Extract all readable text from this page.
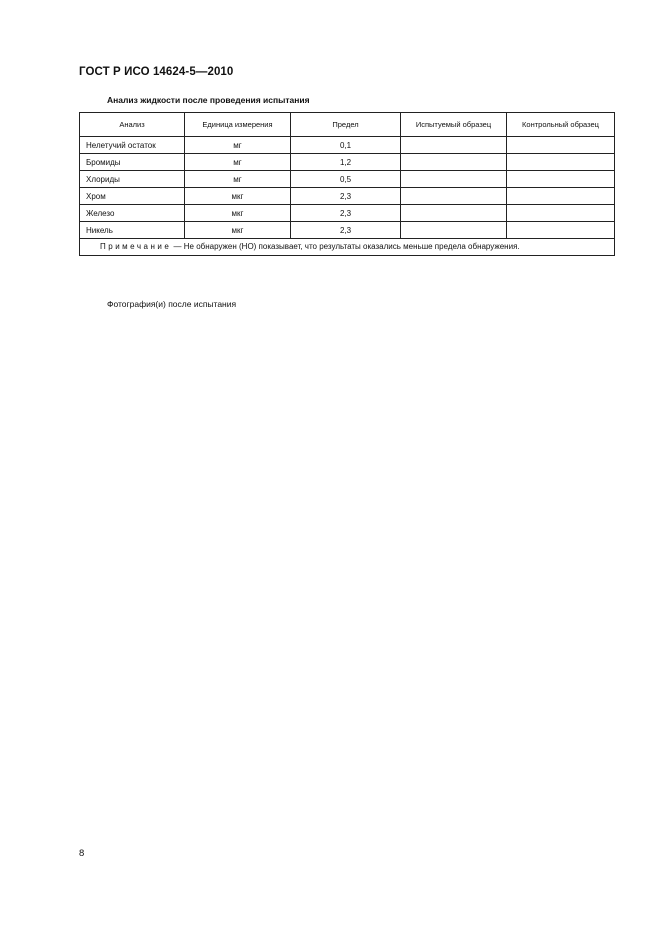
ГОСТ Р ИСО 14624-5—2010
Анализ жидкости после проведения испытания
Анализ	Единица измерения	Предел	Испытуемый образец	Контрольный образец
Нелетучий остаток	мг	0,1		
Бромиды	мг	1,2		
Хлориды	мг	0,5		
Хром	мкг	2,3		
Железо	мкг	2,3		
Никель	мкг	2,3		
Примечание — Не обнаружен (НО) показывает, что результаты оказались меньше предела обнаружения.				
Фотография(и) после испытания
8
